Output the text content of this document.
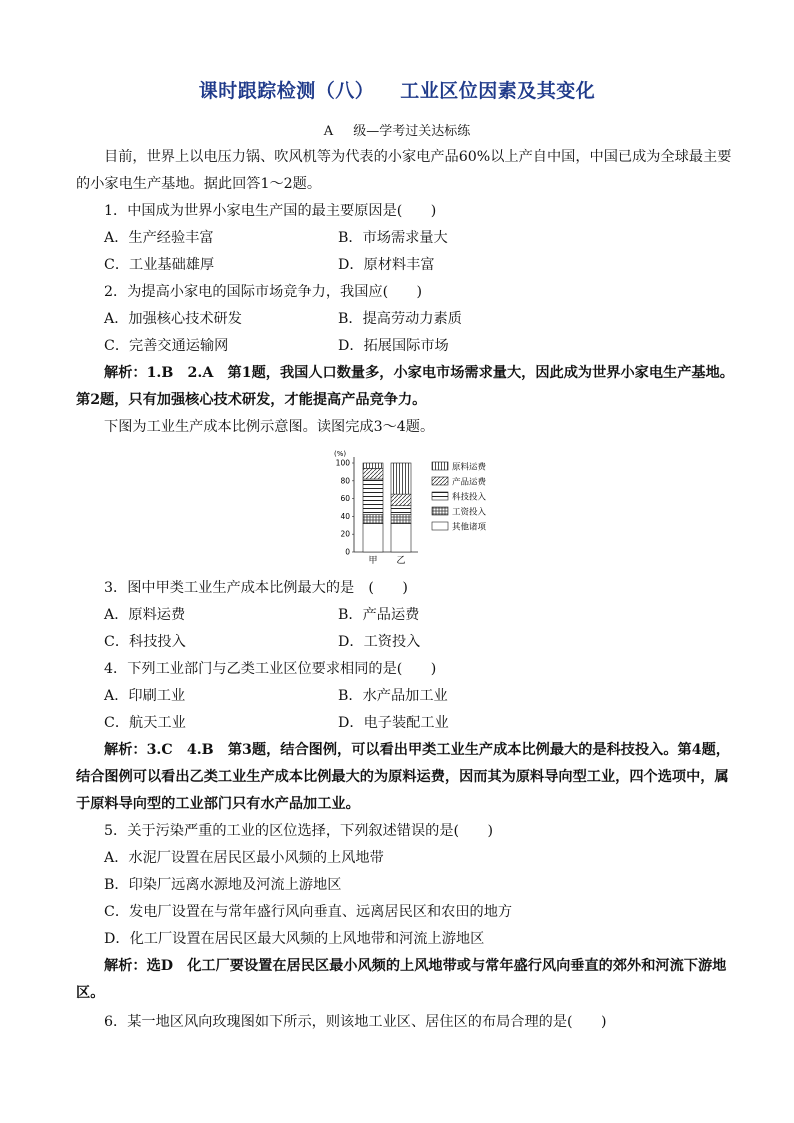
课时跟踪检测（八） 工业区位因素及其变化
A 级—学考过关达标练
目前，世界上以电压力锅、吹风机等为代表的小家电产品60%以上产自中国，中国已成为全球最主要
的小家电生产基地。据此回答1～2题。
1．中国成为世界小家电生产国的最主要原因是(　　)
A．生产经验丰富	B．市场需求量大
C．工业基础雄厚	D．原材料丰富
2．为提高小家电的国际市场竞争力，我国应(　　)
A．加强核心技术研发	B．提高劳动力素质
C．完善交通运输网	D．拓展国际市场
解析：1.B　2.A　第1题，我国人口数量多，小家电市场需求量大，因此成为世界小家电生产基地。
第2题，只有加强核心技术研发，才能提高产品竞争力。
下图为工业生产成本比例示意图。读图完成3～4题。
(%)
0
20
40
60
80
100
甲 乙
原料运费
产品运费
科技投入
工资投入
其他诸项
3．图中甲类工业生产成本比例最大的是　(　　)
A．原料运费	B．产品运费
C．科技投入	D．工资投入
4．下列工业部门与乙类工业区位要求相同的是(　　)
A．印刷工业	B．水产品加工业
C．航天工业	D．电子装配工业
解析：3.C　4.B　第3题，结合图例，可以看出甲类工业生产成本比例最大的是科技投入。第4题，
结合图例可以看出乙类工业生产成本比例最大的为原料运费，因而其为原料导向型工业，四个选项中，属
于原料导向型的工业部门只有水产品加工业。
5．关于污染严重的工业的区位选择，下列叙述错误的是(　　)
A．水泥厂设置在居民区最小风频的上风地带
B．印染厂远离水源地及河流上游地区
C．发电厂设置在与常年盛行风向垂直、远离居民区和农田的地方
D．化工厂设置在居民区最大风频的上风地带和河流上游地区
解析：选D　化工厂要设置在居民区最小风频的上风地带或与常年盛行风向垂直的郊外和河流下游地
区。
6．某一地区风向玫瑰图如下所示，则该地工业区、居住区的布局合理的是(　　)
